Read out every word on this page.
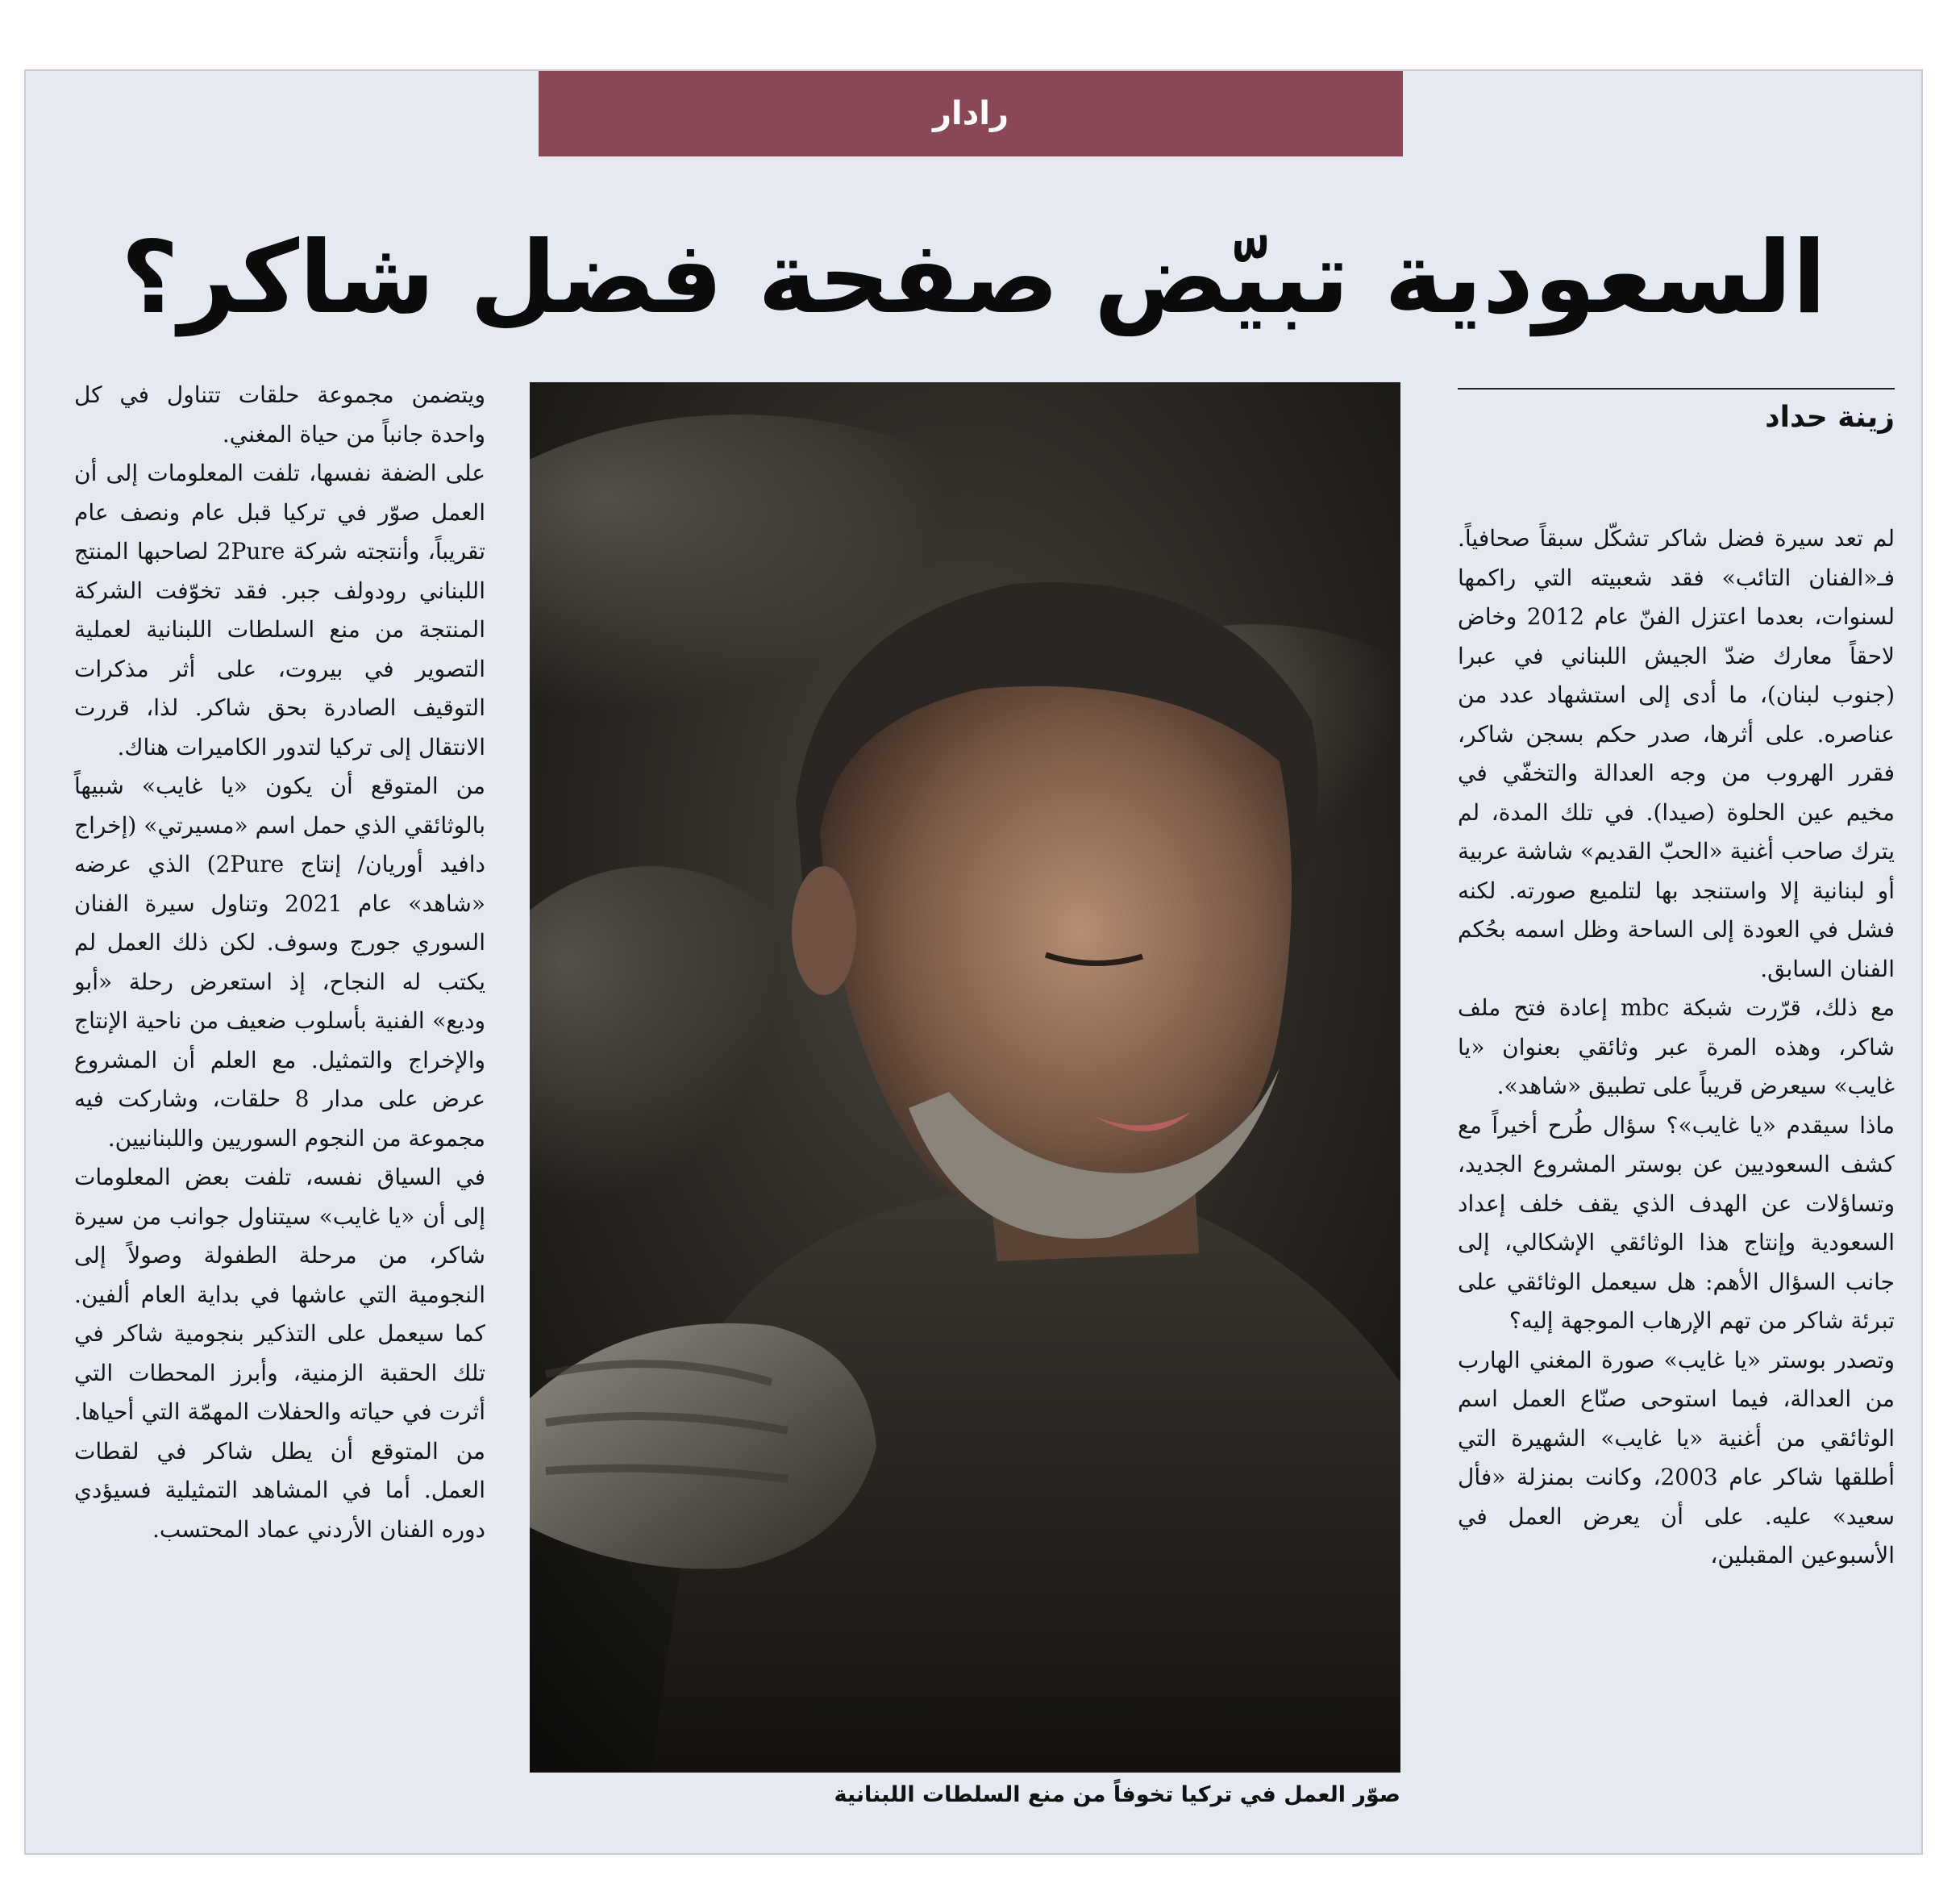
رادار
السعودية تبيّض صفحة فضل شاكر؟

ويتضمن مجموعة حلقات تتناول في كل واحدة جانباً من حياة المغني.

على الضفة نفسها، تلفت المعلومات إلى أن العمل صوّر في تركيا قبل عام ونصف عام تقريباً، وأنتجته شركة 2Pure لصاحبها المنتج اللبناني رودولف جبر. فقد تخوّفت الشركة المنتجة من منع السلطات اللبنانية لعملية التصوير في بيروت، على أثر مذكرات التوقيف الصادرة بحق شاكر. لذا، قررت الانتقال إلى تركيا لتدور الكاميرات هناك.

من المتوقع أن يكون «يا غايب» شبيهاً بالوثائقي الذي حمل اسم «مسيرتي» (إخراج دافيد أوريان/ إنتاج 2Pure) الذي عرضه «شاهد» عام 2021 وتناول سيرة الفنان السوري جورج وسوف. لكن ذلك العمل لم يكتب له النجاح، إذ استعرض رحلة «أبو وديع» الفنية بأسلوب ضعيف من ناحية الإنتاج والإخراج والتمثيل. مع العلم أن المشروع عرض على مدار 8 حلقات، وشاركت فيه مجموعة من النجوم السوريين واللبنانيين.

في السياق نفسه، تلفت بعض المعلومات إلى أن «يا غايب» سيتناول جوانب من سيرة شاكر، من مرحلة الطفولة وصولاً إلى النجومية التي عاشها في بداية العام ألفين. كما سيعمل على التذكير بنجومية شاكر في تلك الحقبة الزمنية، وأبرز المحطات التي أثرت في حياته والحفلات المهمّة التي أحياها. من المتوقع أن يطل شاكر في لقطات العمل. أما في المشاهد التمثيلية فسيؤدي دوره الفنان الأردني عماد المحتسب.

صوّر العمل في تركيا تخوفاً من منع السلطات اللبنانية
زينة حداد

لم تعد سيرة فضل شاكر تشكّل سبقاً صحافياً. فـ«الفنان التائب» فقد شعبيته التي راكمها لسنوات، بعدما اعتزل الفنّ عام 2012 وخاض لاحقاً معارك ضدّ الجيش اللبناني في عبرا (جنوب لبنان)، ما أدى إلى استشهاد عدد من عناصره. على أثرها، صدر حكم بسجن شاكر، فقرر الهروب من وجه العدالة والتخفّي في مخيم عين الحلوة (صيدا). في تلك المدة، لم يترك صاحب أغنية «الحبّ القديم» شاشة عربية أو لبنانية إلا واستنجد بها لتلميع صورته. لكنه فشل في العودة إلى الساحة وظل اسمه بحُكم الفنان السابق.

مع ذلك، قرّرت شبكة mbc إعادة فتح ملف شاكر، وهذه المرة عبر وثائقي بعنوان «يا غايب» سيعرض قريباً على تطبيق «شاهد».

ماذا سيقدم «يا غايب»؟ سؤال طُرح أخيراً مع كشف السعوديين عن بوستر المشروع الجديد، وتساؤلات عن الهدف الذي يقف خلف إعداد السعودية وإنتاج هذا الوثائقي الإشكالي، إلى جانب السؤال الأهم: هل سيعمل الوثائقي على تبرئة شاكر من تهم الإرهاب الموجهة إليه؟

وتصدر بوستر «يا غايب» صورة المغني الهارب من العدالة، فيما استوحى صنّاع العمل اسم الوثائقي من أغنية «يا غايب» الشهيرة التي أطلقها شاكر عام 2003، وكانت بمنزلة «فأل سعيد» عليه. على أن يعرض العمل في الأسبوعين المقبلين،
